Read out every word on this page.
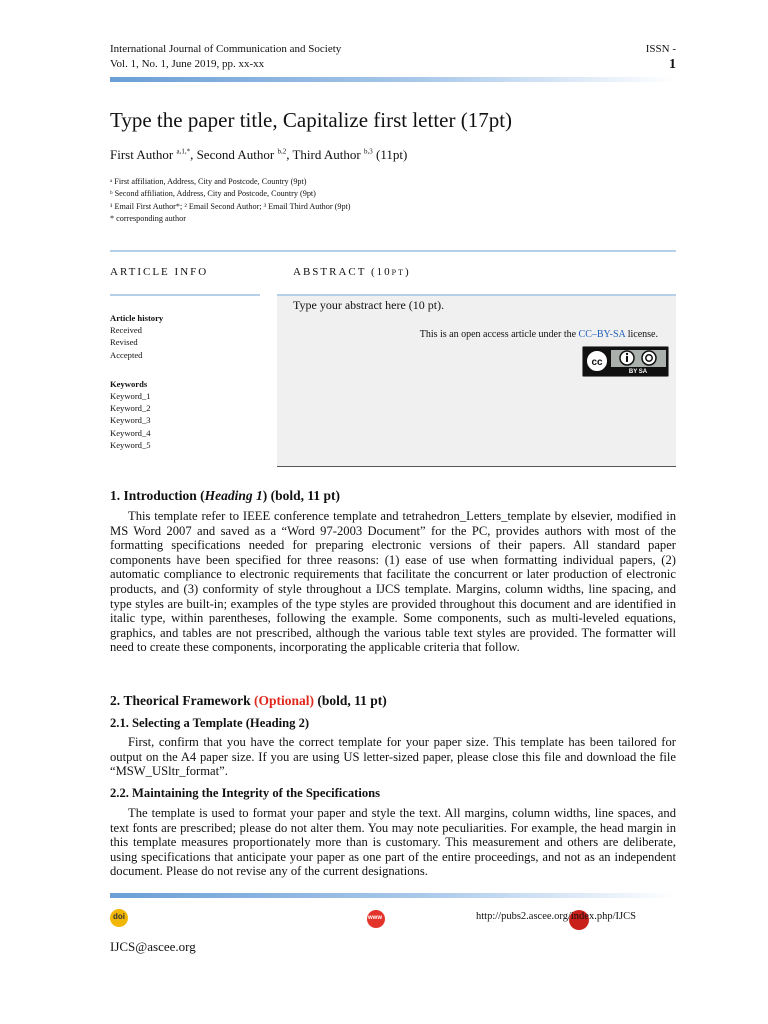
International Journal of Communication and Society
Vol. 1, No. 1, June 2019, pp. xx-xx
ISSN -
1
Type the paper title, Capitalize first letter (17pt)
First Author $^{a,1,*}$, Second Author $^{b,2}$, Third Author $^{b,3}$ (11pt)
ᵃ First affiliation, Address, City and Postcode, Country (9pt)
ᵇ Second affiliation, Address, City and Postcode, Country (9pt)
¹ Email First Author*; ² Email Second Author; ³ Email Third Author (9pt)
* corresponding author
ARTICLE INFO
Article history
Received
Revised
Accepted
Keywords
Keyword_1
Keyword_2
Keyword_3
Keyword_4
Keyword_5
ABSTRACT (10PT)
Type your abstract here (10 pt).
This is an open access article under the CC–BY-SA license.
cc
BY SA
1. Introduction (Heading 1) (bold, 11 pt)

This template refer to IEEE conference template and tetrahedron_Letters_template by elsevier, modified in MS Word 2007 and saved as a “Word 97-2003 Document” for the PC, provides authors with most of the formatting specifications needed for preparing electronic versions of their papers. All standard paper components have been specified for three reasons: (1) ease of use when formatting individual papers, (2) automatic compliance to electronic requirements that facilitate the concurrent or later production of electronic products, and (3) conformity of style throughout a IJCS template. Margins, column widths, line spacing, and type styles are built-in; examples of the type styles are provided throughout this document and are identified in italic type, within parentheses, following the example. Some components, such as multi-leveled equations, graphics, and tables are not prescribed, although the various table text styles are provided. The formatter will need to create these components, incorporating the applicable criteria that follow.

2. Theorical Framework (Optional) (bold, 11 pt)
2.1. Selecting a Template (Heading 2)

First, confirm that you have the correct template for your paper size. This template has been tailored for output on the A4 paper size. If you are using US letter-sized paper, please close this file and download the file “MSW_USltr_format”.

2.2. Maintaining the Integrity of the Specifications

The template is used to format your paper and style the text. All margins, column widths, line spaces, and text fonts are prescribed; please do not alter them. You may note peculiarities. For example, the head margin in this template measures proportionately more than is customary. This measurement and others are deliberate, using specifications that anticipate your paper as one part of the entire proceedings, and not as an independent document. Please do not revise any of the current designations.

doi	www	http://pubs2.ascee.org/index.php/IJCS
IJCS@ascee.org
